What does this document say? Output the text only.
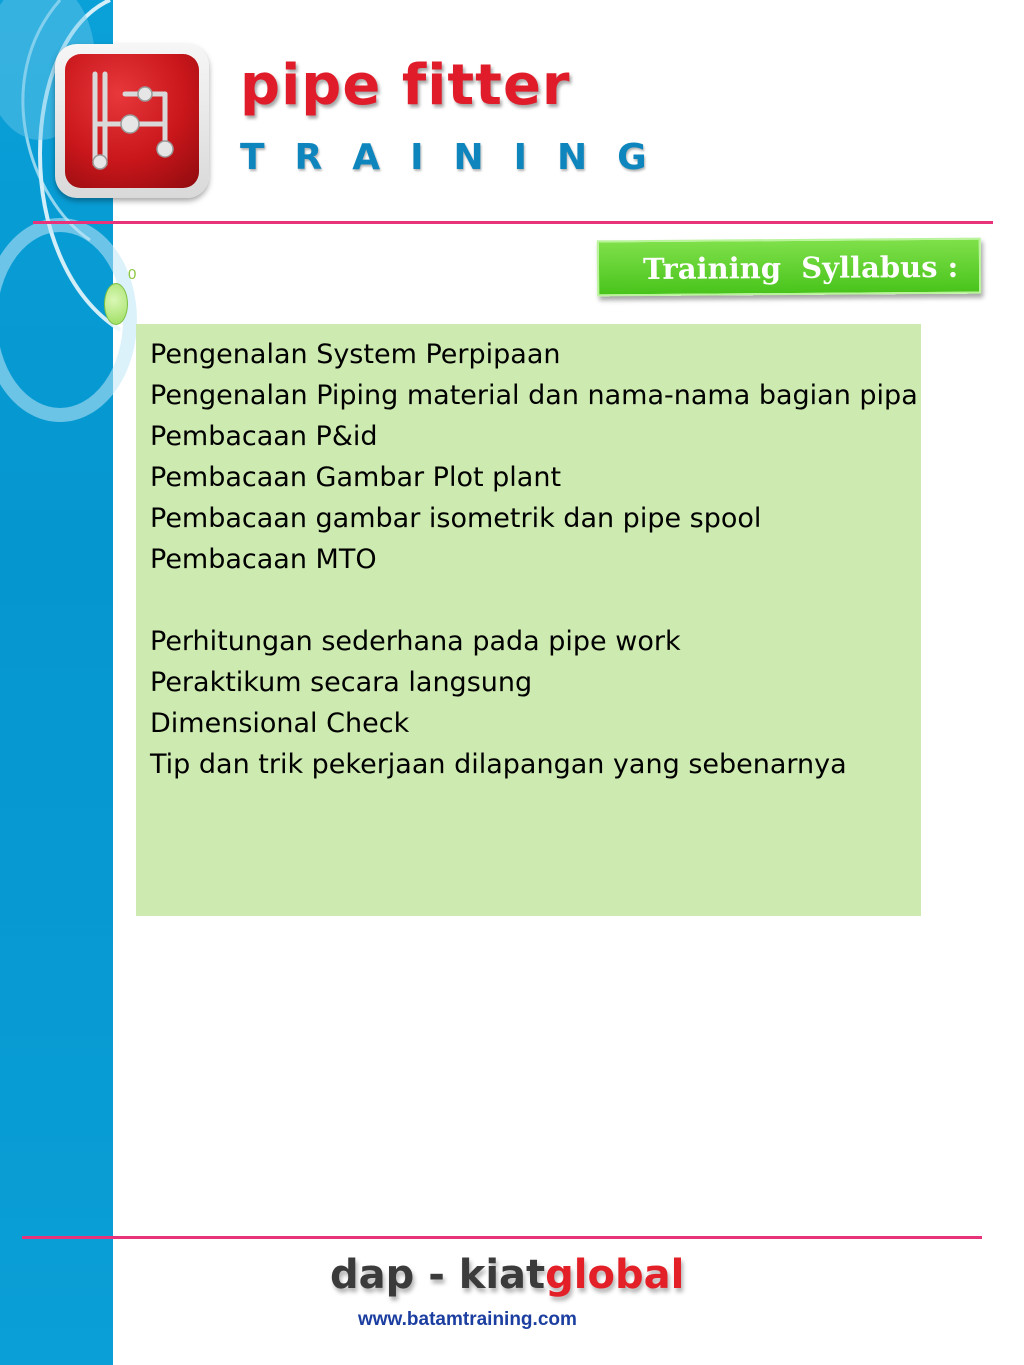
pipe fitter
TRAINING
Training  Syllabus :
0
Pengenalan System Perpipaan
Pengenalan Piping material dan nama-nama bagian pipa
Pembacaan P&id
Pembacaan Gambar Plot plant
Pembacaan gambar isometrik dan pipe spool
Pembacaan MTO
Perhitungan sederhana pada pipe work
Peraktikum secara langsung
Dimensional Check
Tip dan trik pekerjaan dilapangan yang sebenarnya
dap - kiatglobal
www.batamtraining.com
